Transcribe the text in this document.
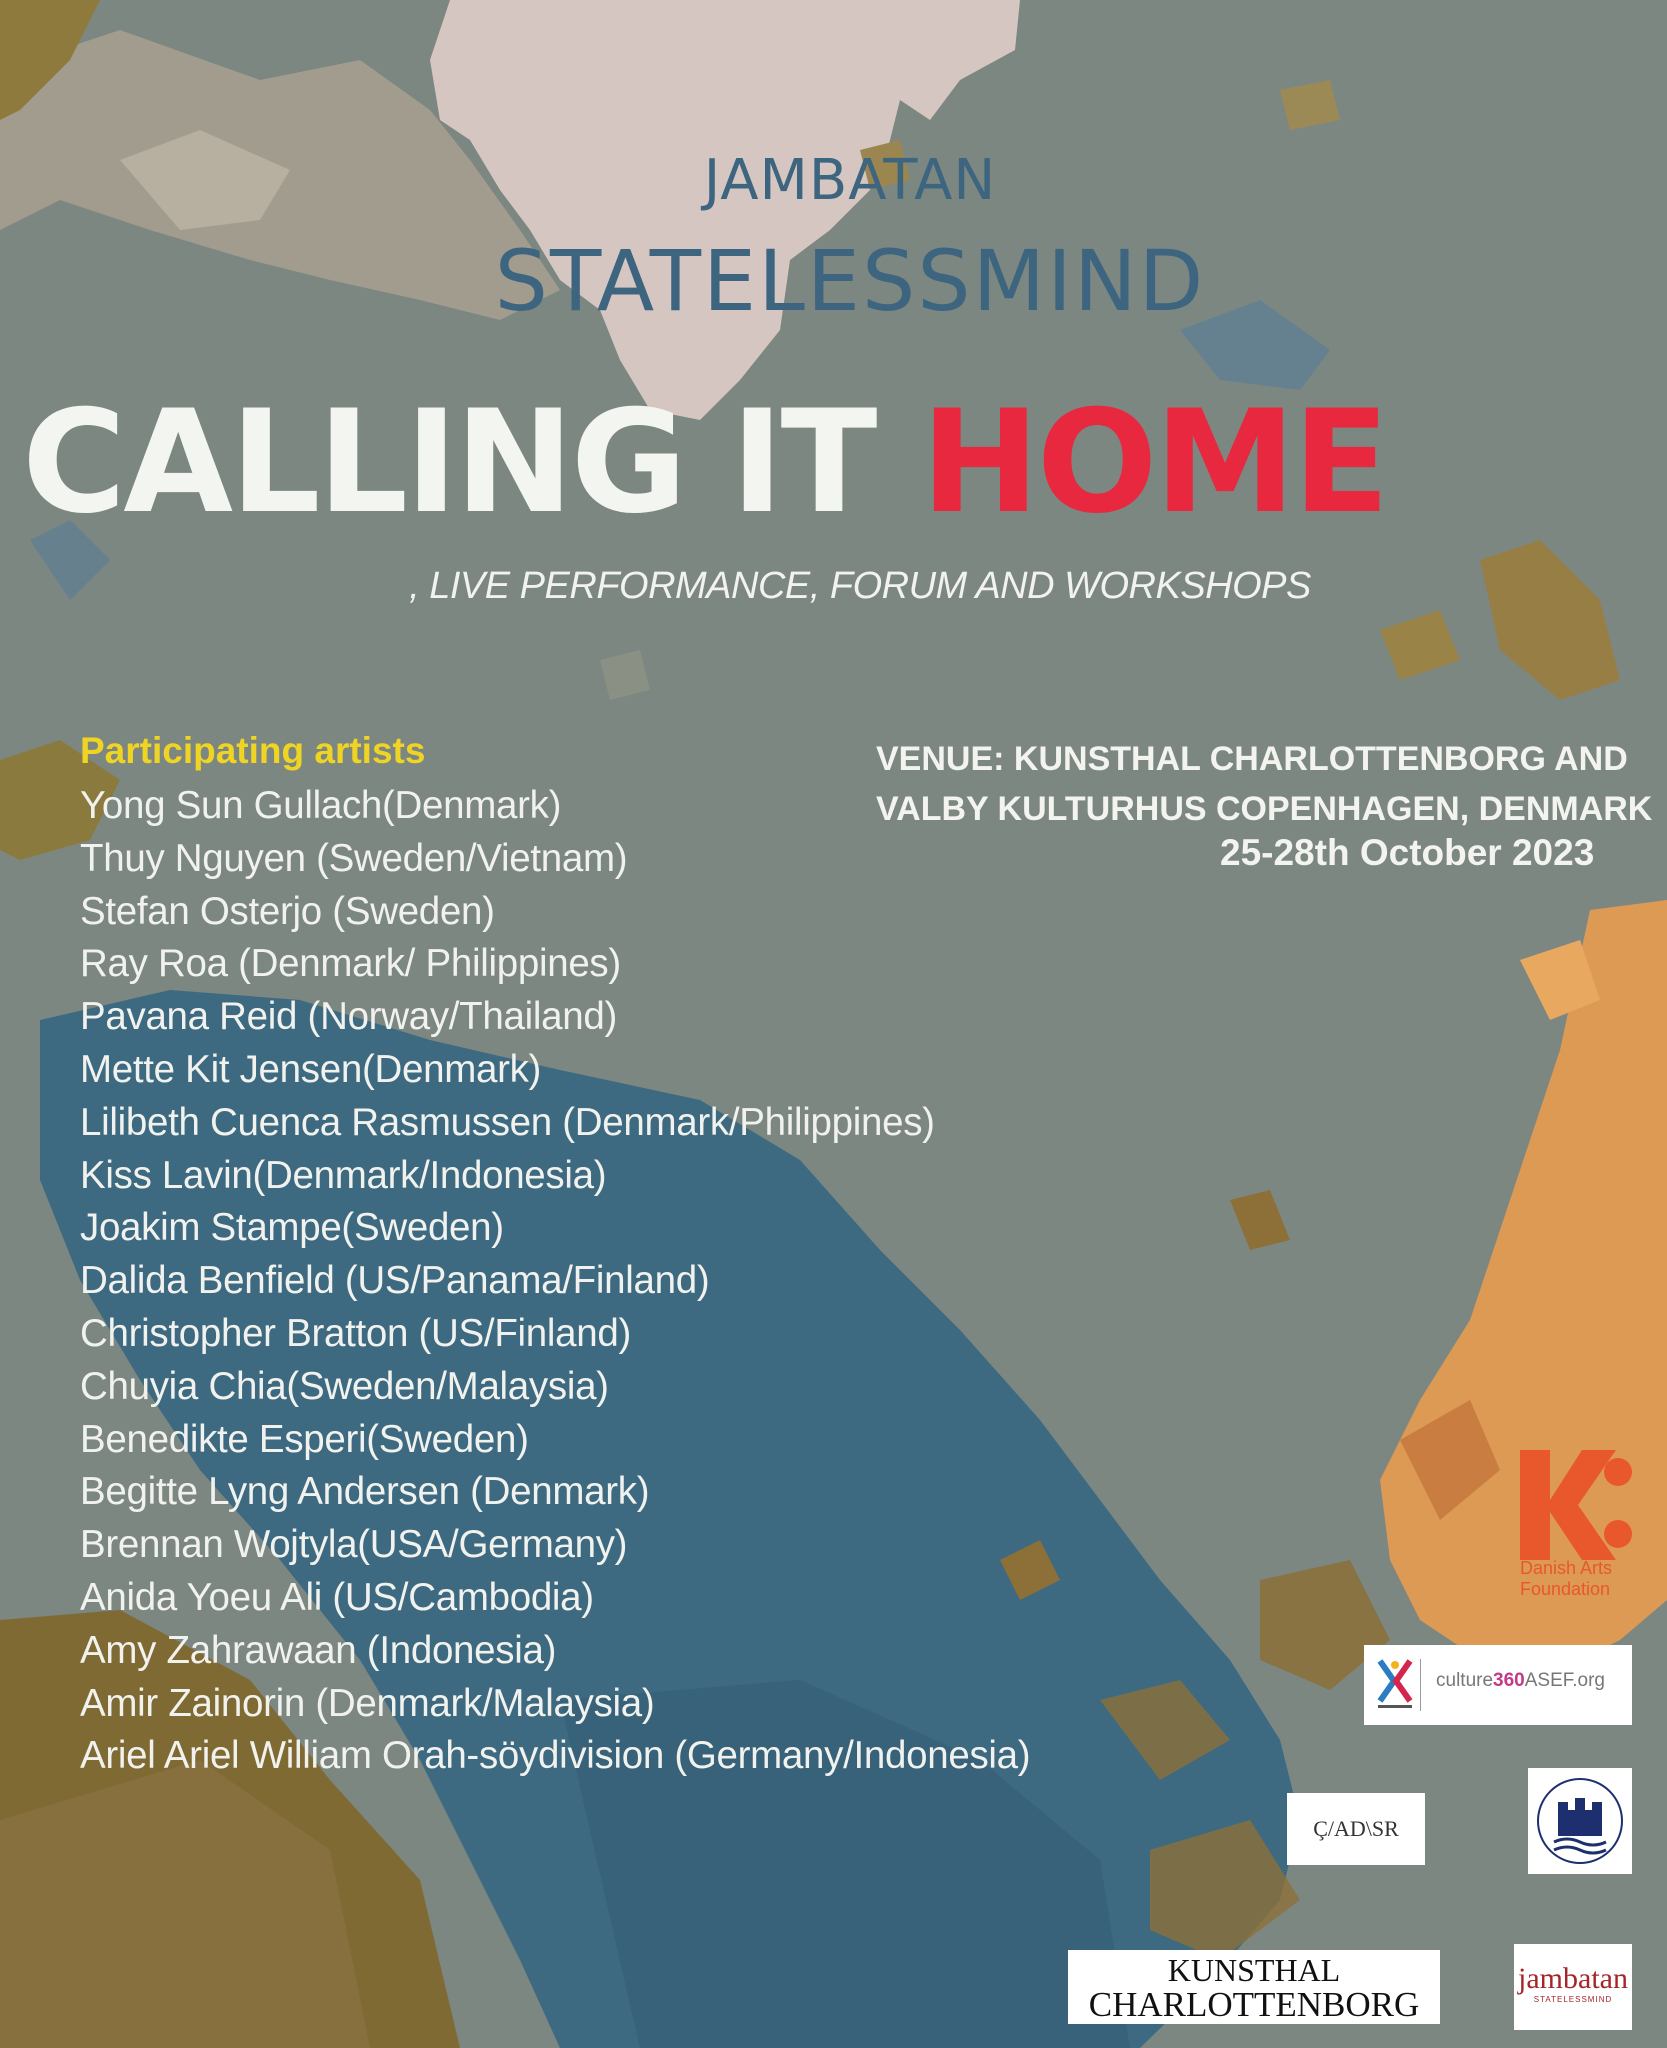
JAMBATAN
STATELESSMIND
CALLING IT HOME
, LIVE PERFORMANCE, FORUM AND WORKSHOPS
Participating artists
Yong Sun Gullach(Denmark)
Thuy Nguyen (Sweden/Vietnam)
Stefan Osterjo (Sweden)
Ray Roa (Denmark/ Philippines)
Pavana Reid (Norway/Thailand)
Mette Kit Jensen(Denmark)
Lilibeth Cuenca Rasmussen (Denmark/Philippines)
Kiss Lavin(Denmark/Indonesia)
Joakim Stampe(Sweden)
Dalida Benfield (US/Panama/Finland)
Christopher Bratton (US/Finland)
Chuyia Chia(Sweden/Malaysia)
Benedikte Esperi(Sweden)
Begitte Lyng Andersen (Denmark)
Brennan Wojtyla(USA/Germany)
Anida Yoeu Ali (US/Cambodia)
Amy Zahrawaan (Indonesia)
Amir Zainorin (Denmark/Malaysia)
Ariel Ariel William Orah-söydivision (Germany/Indonesia)
VENUE: KUNSTHAL CHARLOTTENBORG AND
VALBY KULTURHUS COPENHAGEN, DENMARK
25-28th October 2023
Danish Arts
Foundation
culture360ASEF.org
Ç/AD\SR
KUNSTHAL
CHARLOTTENBORG
jambatan
STATELESSMIND
